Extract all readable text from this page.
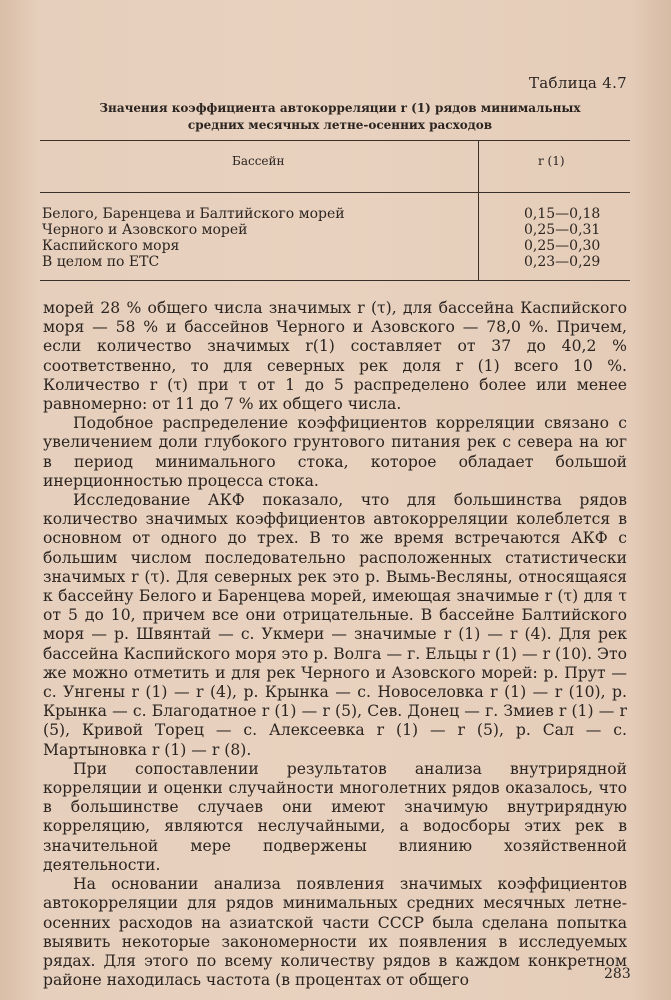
Таблица 4.7
Значения коэффициента автокорреляции r (1) рядов минимальных
средних месячных летне-осенних расходов
Бассейн	r (1)
Белого, Баренцева и Балтийского морей	0,15—0,18
Черного и Азовского морей	0,25—0,31
Каспийского моря	0,25—0,30
В целом по ЕТС	0,23—0,29

морей 28 % общего числа значимых r (τ), для бассейна Каспийского моря — 58 % и бассейнов Черного и Азовского — 78,0 %. Причем, если количество значимых r(1) составляет от 37 до 40,2 % соответственно, то для северных рек доля r (1) всего 10 %. Количество r (τ) при τ от 1 до 5 распределено более или менее равномерно: от 11 до 7 % их общего числа.

Подобное распределение коэффициентов корреляции связано с увеличением доли глубокого грунтового питания рек с севера на юг в период минимального стока, которое обладает большой инерционностью процесса стока.

Исследование АКФ показало, что для большинства рядов количество значимых коэффициентов автокорреляции колеблется в основном от одного до трех. В то же время встречаются АКФ с большим числом последовательно расположенных статистически значимых r (τ). Для северных рек это р. Вымь-Весляны, относящаяся к бассейну Белого и Баренцева морей, имеющая значимые r (τ) для τ от 5 до 10, причем все они отрицательные. В бассейне Балтийского моря — р. Швянтай — с. Укмери — значимые r (1) — r (4). Для рек бассейна Каспийского моря это р. Волга — г. Ельцы r (1) — r (10). Это же можно отметить и для рек Черного и Азовского морей: р. Прут — с. Унгены r (1) — r (4), р. Крынка — с. Новоселовка r (1) — r (10), р. Крынка — с. Благодатное r (1) — r (5), Сев. Донец — г. Змиев r (1) — r (5), Кривой Торец — с. Алексеевка r (1) — r (5), р. Сал — с. Мартыновка r (1) — r (8).

При сопоставлении результатов анализа внутрирядной корреляции и оценки случайности многолетних рядов оказалось, что в большинстве случаев они имеют значимую внутрирядную корреляцию, являются неслучайными, а водосборы этих рек в значительной мере подвержены влиянию хозяйственной деятельности.

На основании анализа появления значимых коэффициентов автокорреляции для рядов минимальных средних месячных летне-осенних расходов на азиатской части СССР была сделана попытка выявить некоторые закономерности их появления в исследуемых рядах. Для этого по всему количеству рядов в каждом конкретном районе находилась частота (в процентах от общего	283
